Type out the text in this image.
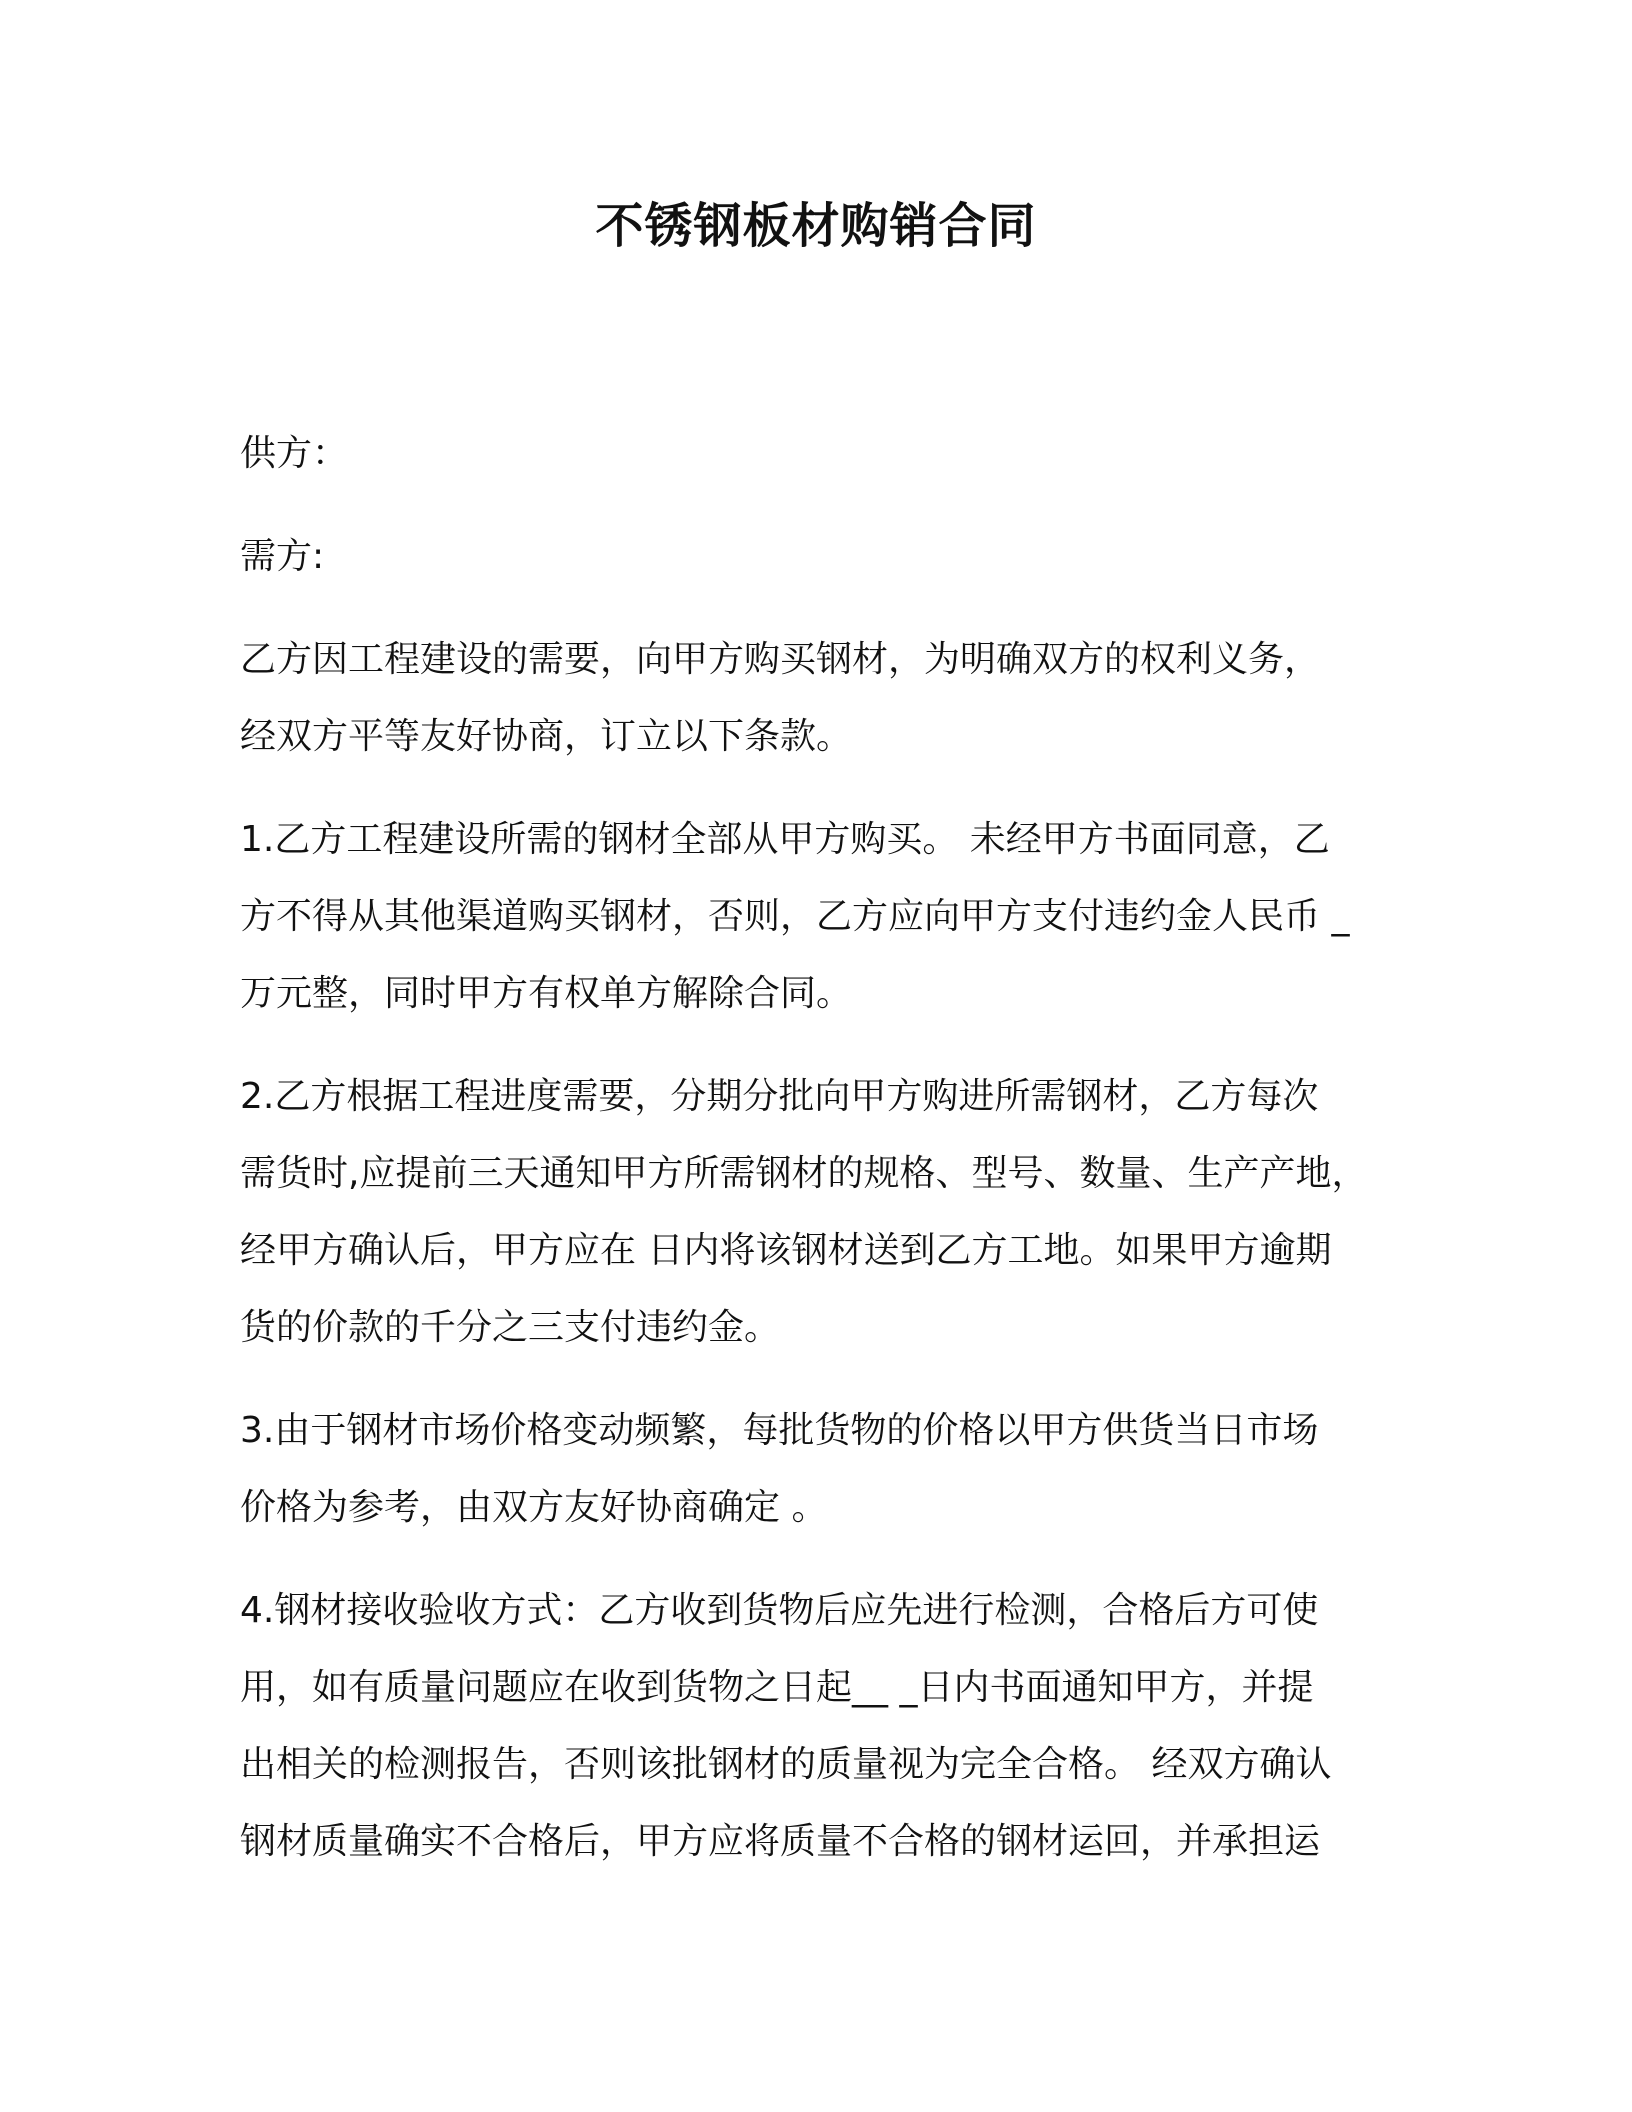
不锈钢板材购销合同

供方：

需方:

乙方因工程建设的需要，向甲方购买钢材，为明确双方的权利义务，

经双方平等友好协商，订立以下条款。

1.乙方工程建设所需的钢材全部从甲方购买。 未经甲方书面同意，乙

方不得从其他渠道购买钢材，否则，乙方应向甲方支付违约金人民币 _

万元整，同时甲方有权单方解除合同。

2.乙方根据工程进度需要，分期分批向甲方购进所需钢材，乙方每次

需货时,应提前三天通知甲方所需钢材的规格、型号、数量、生产产地，

经甲方确认后，甲方应在 日内将该钢材送到乙方工地。如果甲方逾期

货的价款的千分之三支付违约金。

3.由于钢材市场价格变动频繁，每批货物的价格以甲方供货当日市场

价格为参考，由双方友好协商确定 。

4.钢材接收验收方式：乙方收到货物后应先进行检测，合格后方可使

用，如有质量问题应在收到货物之日起__ _日内书面通知甲方，并提

出相关的检测报告，否则该批钢材的质量视为完全合格。 经双方确认

钢材质量确实不合格后，甲方应将质量不合格的钢材运回，并承担运
